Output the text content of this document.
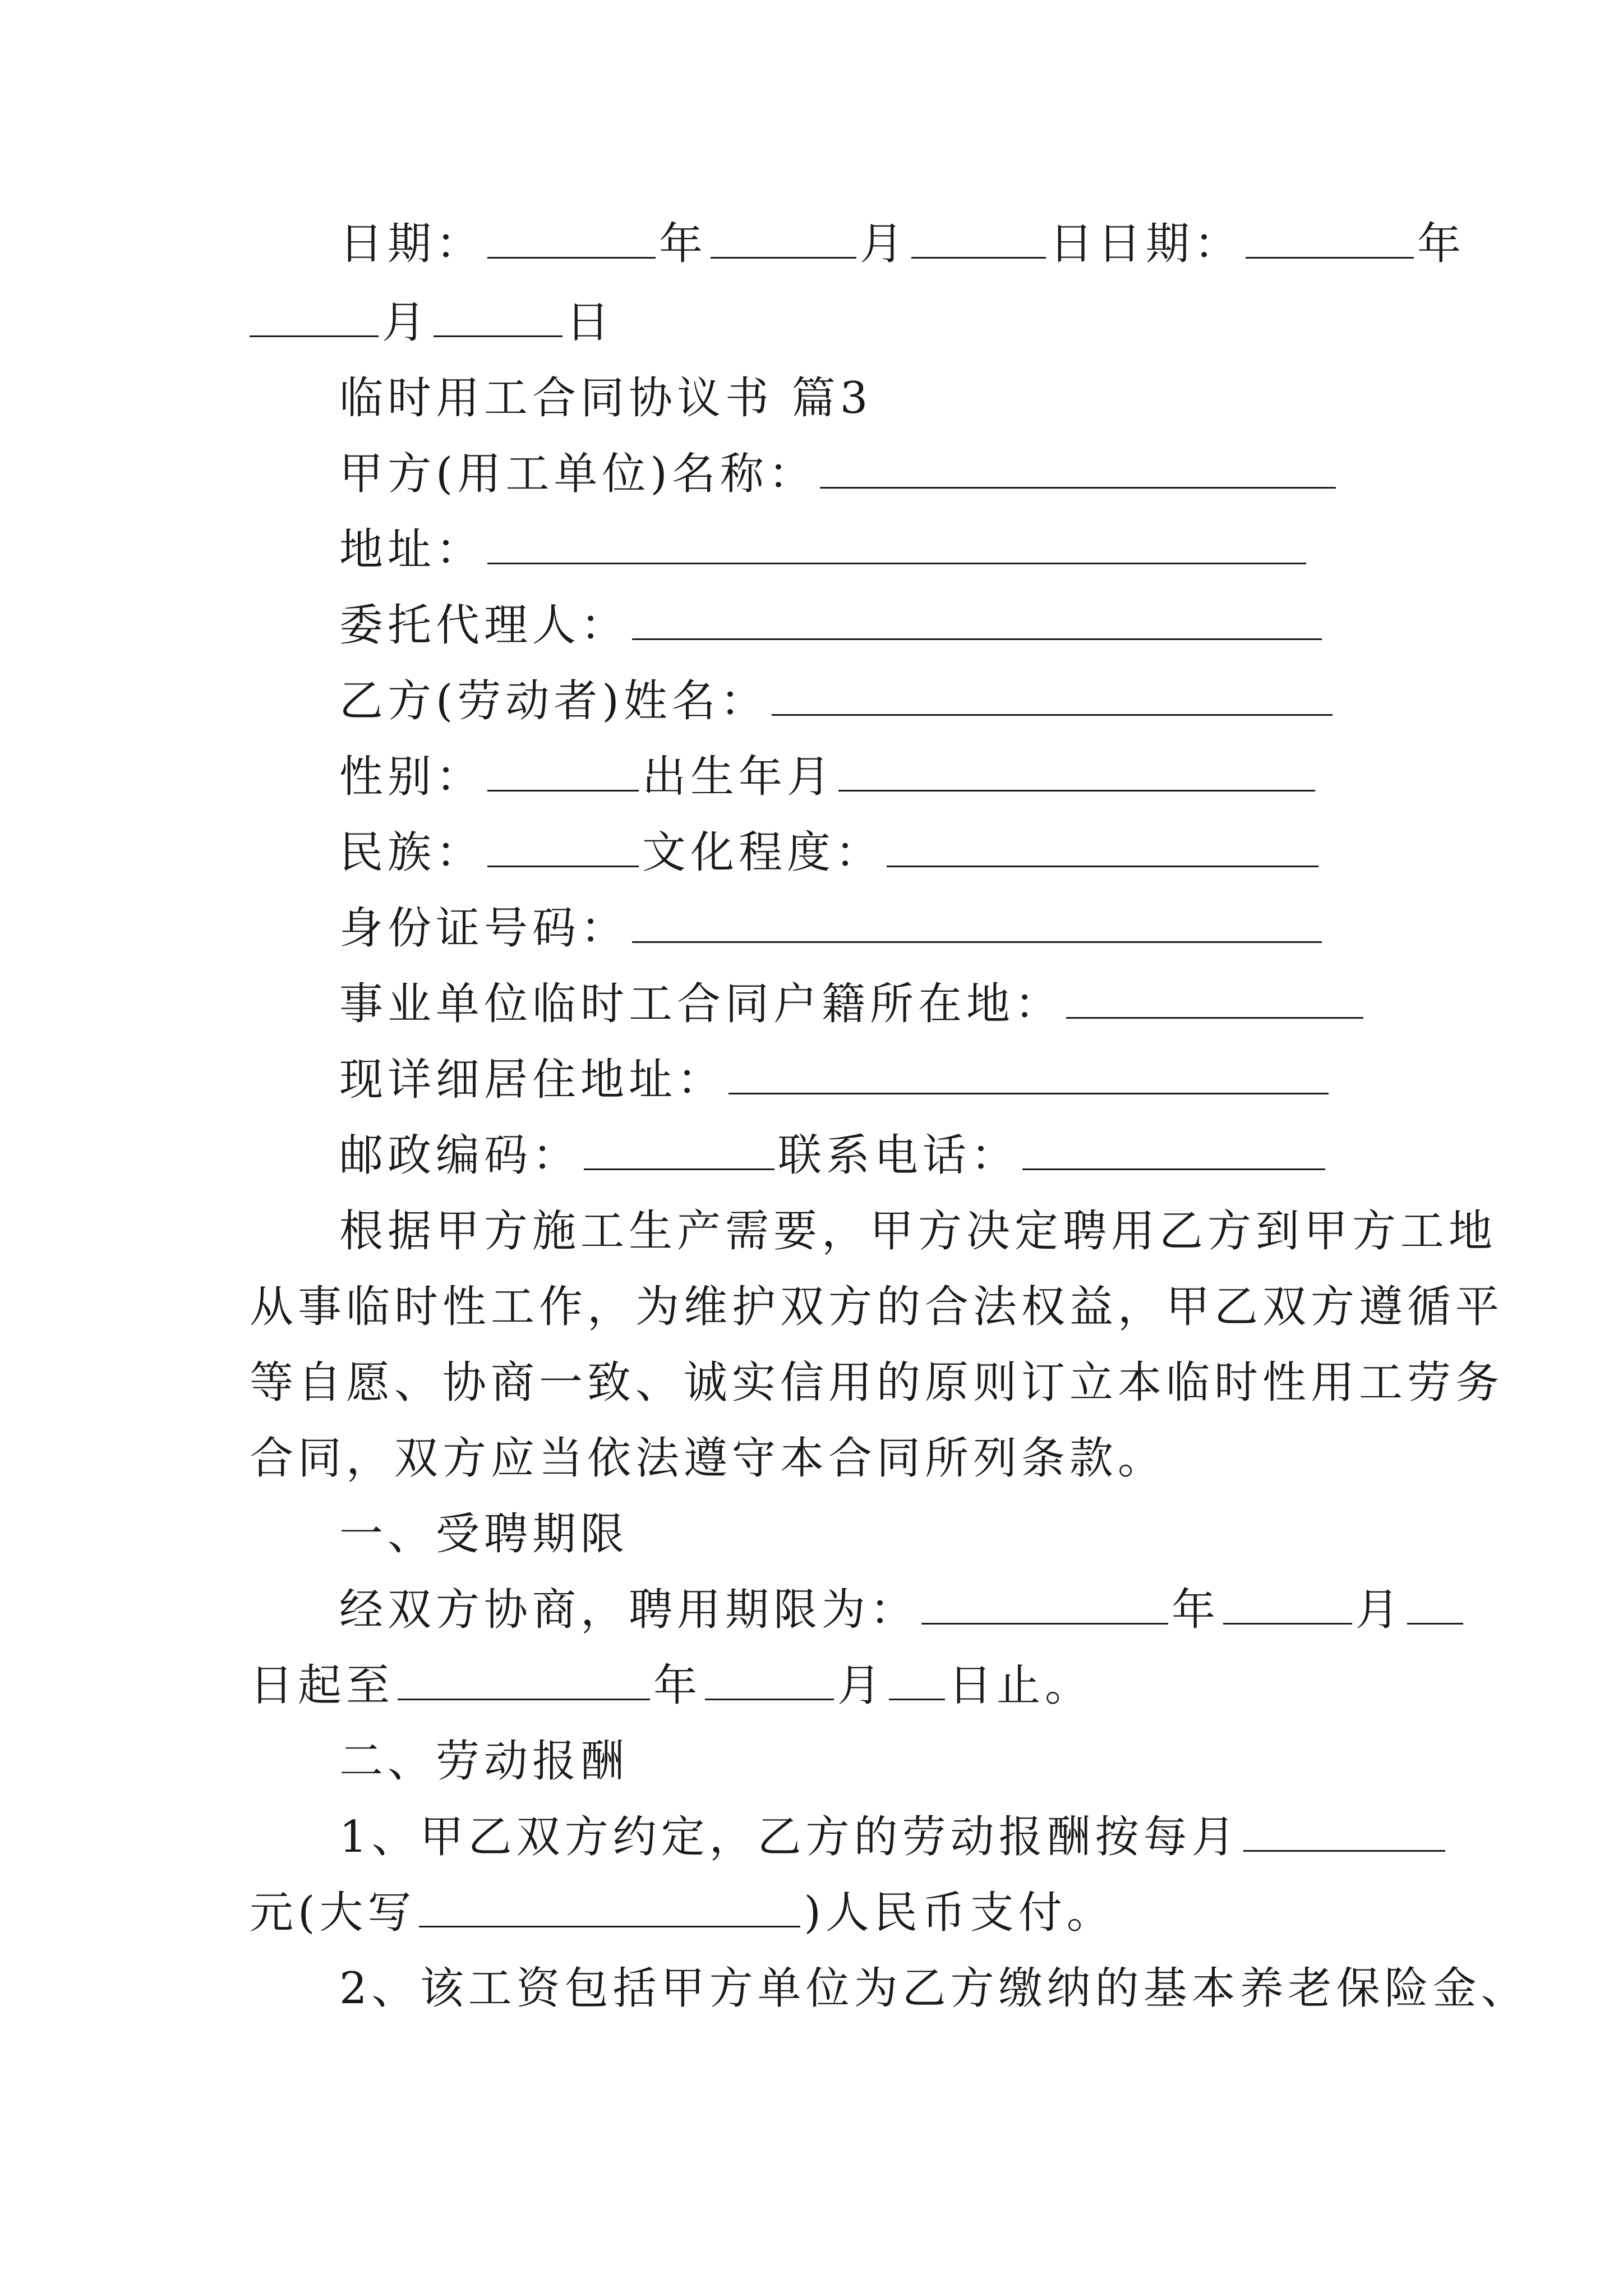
日期：	年	月	日日期：	年
月	日
临时用工合同协议书 篇3
甲方(用工单位)名称：
地址：
委托代理人：
乙方(劳动者)姓名：
性别：	出生年月
民族：	文化程度：
身份证号码：
事业单位临时工合同户籍所在地：
现详细居住地址：
邮政编码：	联系电话：
根据甲方施工生产需要，甲方决定聘用乙方到甲方工地
从事临时性工作，为维护双方的合法权益，甲乙双方遵循平
等自愿、协商一致、诚实信用的原则订立本临时性用工劳务
合同，双方应当依法遵守本合同所列条款。
一、受聘期限
经双方协商，聘用期限为：	年	月
日起至	年	月 日止。
二、劳动报酬
1、甲乙双方约定，乙方的劳动报酬按每月
元(大写	)人民币支付。
2、该工资包括甲方单位为乙方缴纳的基本养老保险金、
